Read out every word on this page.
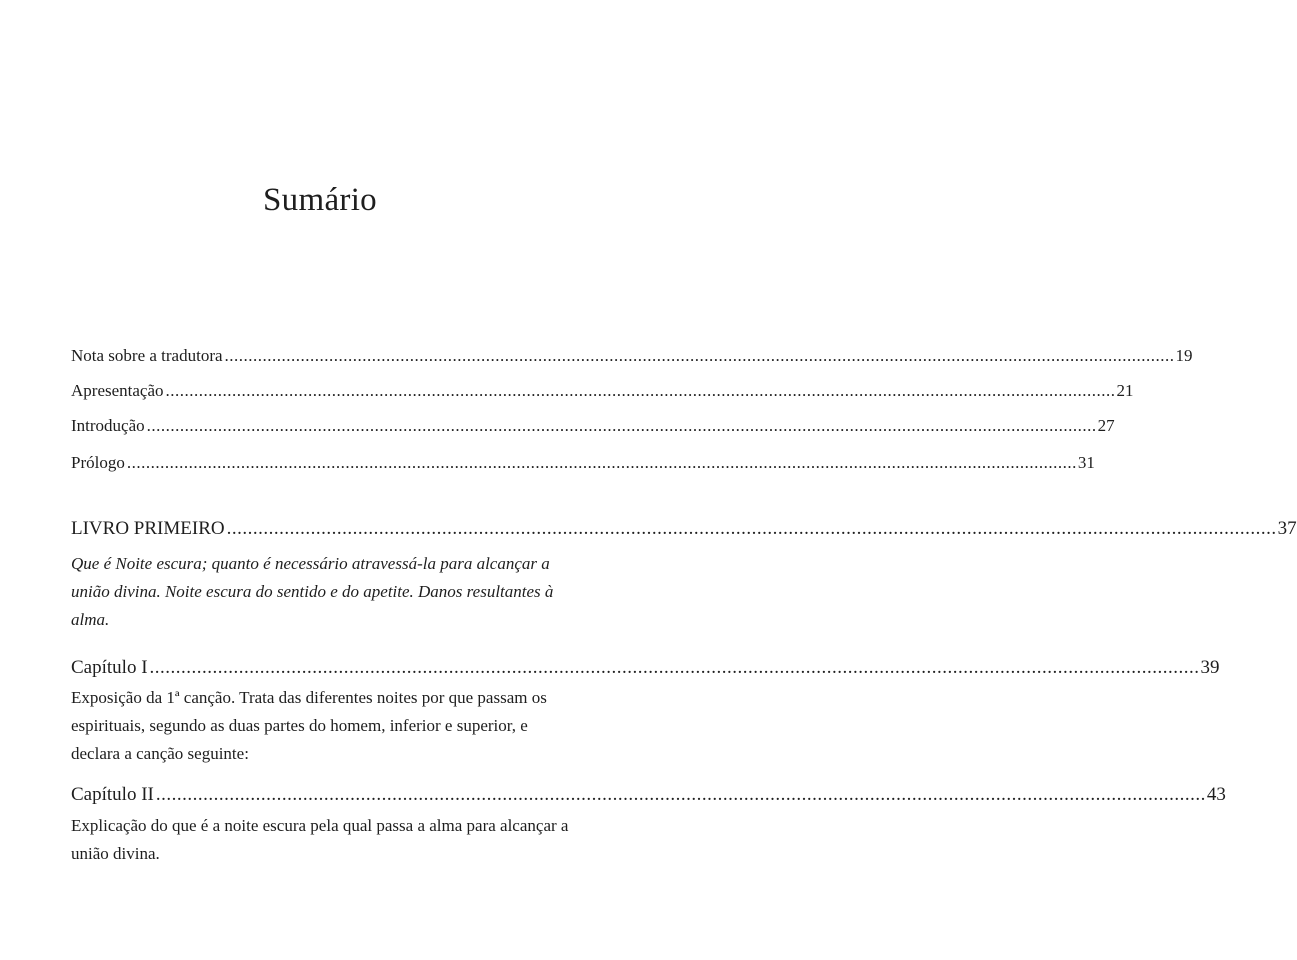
Sumário
Nota sobre a tradutora ........................................................................................................................................................................................................ 19
Apresentação ........................................................................................................................................................................................................ 21
Introdução ........................................................................................................................................................................................................ 27
Prólogo ........................................................................................................................................................................................................ 31
LIVRO PRIMEIRO ........................................................................................................................................................................................................ 37
Que é Noite escura; quanto é necessário atravessá-la para alcançar a união divina. Noite escura do sentido e do apetite. Danos resultantes à alma.
Capítulo I ........................................................................................................................................................................................................ 39
Exposição da 1ª canção. Trata das diferentes noites por que passam os espirituais, segundo as duas partes do homem, inferior e superior, e declara a canção seguinte:
Capítulo II ........................................................................................................................................................................................................ 43
Explicação do que é a noite escura pela qual passa a alma para alcançar a união divina.
